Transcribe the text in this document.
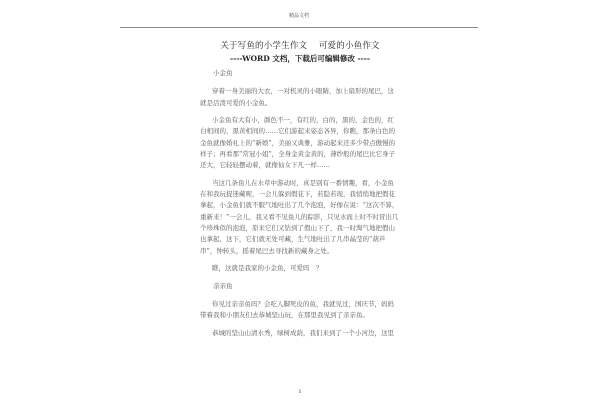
精品文档
关于写鱼的小学生作文　 可爱的小鱼作文
----WORD 文档，下载后可编辑修改 ----

小金鱼

穿着一身美丽的大衣，一对机灵的小眼睛，加上扇形的尾巴，这就是活泼可爱的小金鱼。

小金鱼有大有小，颜色不一，有红的，白的，黑的，金色的，红白相间的，黑黄相间的……它们游起来姿态各异，你瞧，那条白色的金鱼就像婚礼上的“新娘”，美丽又典雅，游动起来还多少带点傲慢的样子；再看那“常冠小姐”，全身金黄金黄的，薄纱般的尾巴比它身子还大，它轻轻摆动着，就像仙女下凡一样……

当这几条鱼儿在水草中游动时，真是别有一番情趣，看，小金鱼在和我玩捉迷藏呢，一会儿躲到假花下，若隐若现，我悄悄地把假花拿起，小金鱼们就不服气地吐出了几个泡泡，好像在说：“这次不算，重新来！”一会儿，我又看不见鱼儿的踪影，只见水面上时不时冒出几个珍珠似的泡泡，原来它们又钻到了假山下了，我一时淘气地把假山也拿起，这下，它们就无处可藏，生气地吐出了几串晶莹的“葫芦串”，钟转头，摇着尾巴去寻找新的藏身之处。

瞧，这就是我家的小金鱼，可爱吗　？

亲亲鱼

你见过亲亲鱼吗？会吃人脚死皮的鱼，我就见过，国庆节，妈妈带着我和小朋友们去恭城坚山玩，在那里我见到了亲亲鱼。

恭城的坚山山清水秀，绿树成荫，我们来到了一个小河边，这里

1
